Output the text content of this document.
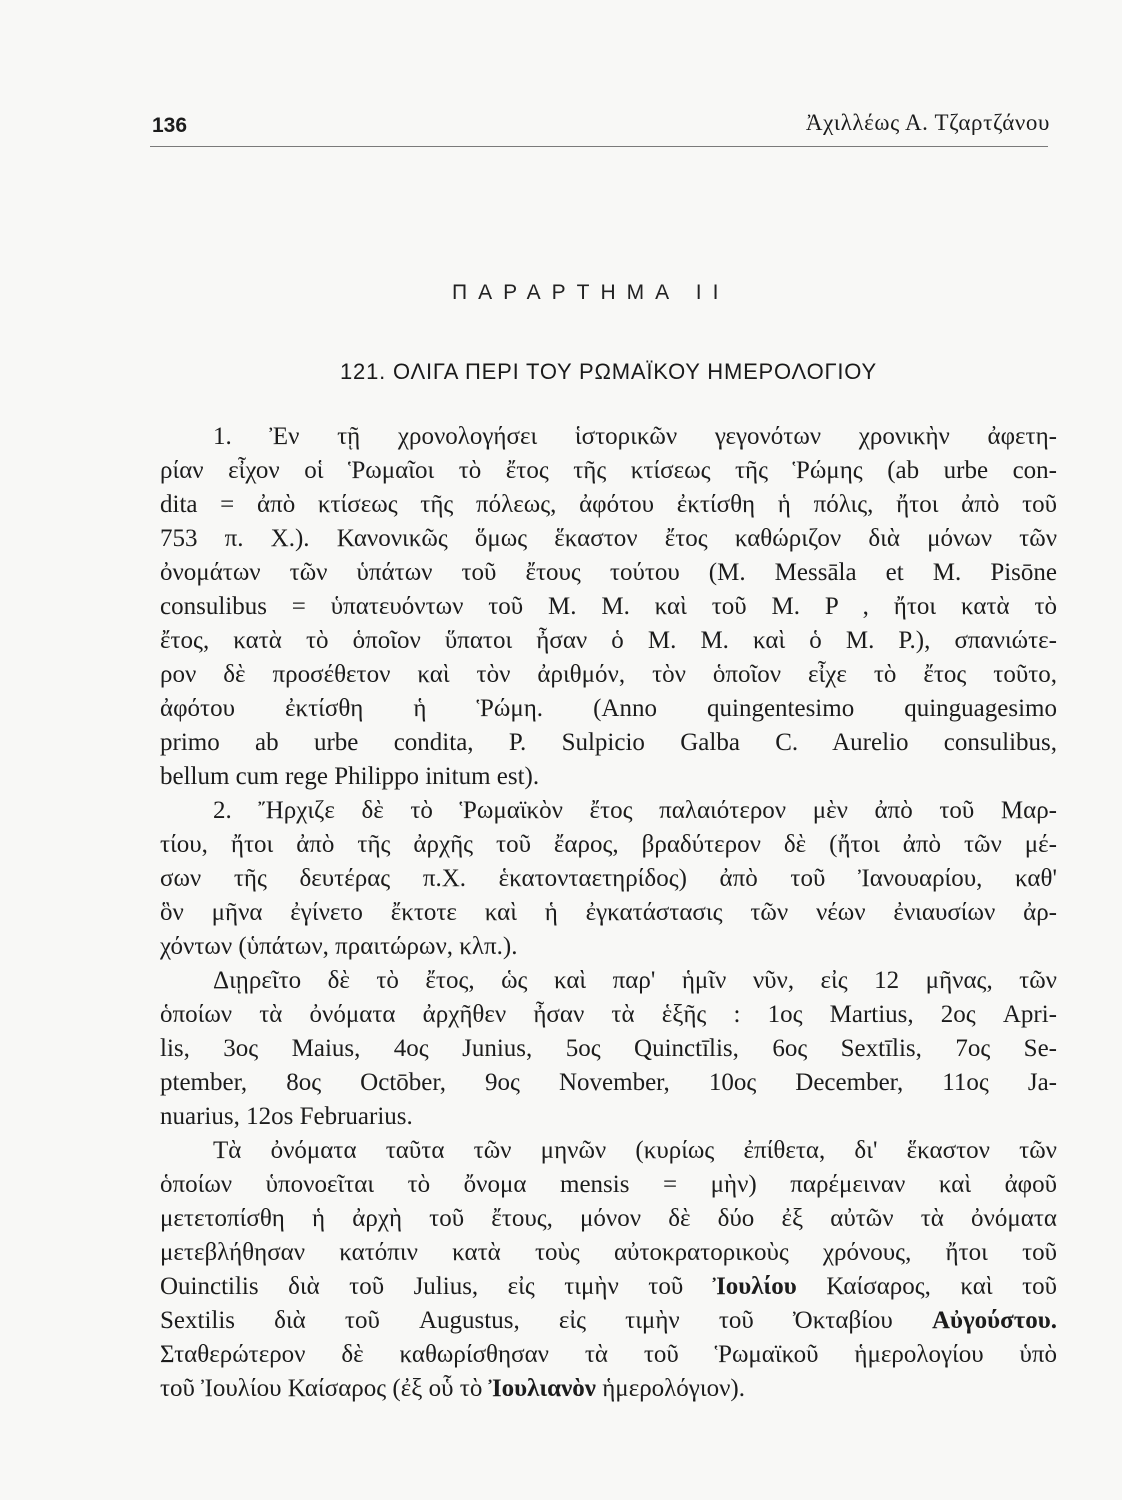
136	Ἀχιλλέως Α. Τζαρτζάνου
ΠΑΡΑΡΤΗΜΑ II
121. ΟΛΙΓΑ ΠΕΡΙ ΤΟΥ ΡΩΜΑΪΚΟΥ ΗΜΕΡΟΛΟΓΙΟΥ
1. Ἐν τῇ χρονολογήσει ἱστορικῶν γεγονότων χρονικὴν ἀφετη-
ρίαν εἶχον οἱ Ῥωμαῖοι τὸ ἔτος τῆς κτίσεως τῆς Ῥώμης (ab urbe con-
dita = ἀπὸ κτίσεως τῆς πόλεως, ἀφότου ἐκτίσθη ἡ πόλις, ἤτοι ἀπὸ τοῦ
753 π. Χ.). Κανονικῶς ὅμως ἕκαστον ἔτος καθώριζον διὰ μόνων τῶν
ὀνομάτων τῶν ὑπάτων τοῦ ἔτους τούτου (M. Messāla et M. Pisōne
consulibus = ὑπατευόντων τοῦ M. M. καὶ τοῦ M. P , ἤτοι κατὰ τὸ
ἔτος, κατὰ τὸ ὁποῖον ὕπατοι ἦσαν ὁ M. M. καὶ ὁ M. P.), σπανιώτε-
ρον δὲ προσέθετον καὶ τὸν ἀριθμόν, τὸν ὁποῖον εἶχε τὸ ἔτος τοῦτο,
ἀφότου ἐκτίσθη ἡ Ῥώμη. (Anno quingentesimo quinguagesimo
primo ab urbe condita, P. Sulpicio Galba C. Aurelio consulibus,
bellum cum rege Philippo initum est).
2. Ἤρχιζε δὲ τὸ Ῥωμαϊκὸν ἔτος παλαιότερον μὲν ἀπὸ τοῦ Μαρ-
τίου, ἤτοι ἀπὸ τῆς ἀρχῆς τοῦ ἔαρος, βραδύτερον δὲ (ἤτοι ἀπὸ τῶν μέ-
σων τῆς δευτέρας π.Χ. ἑκατονταετηρίδος) ἀπὸ τοῦ Ἰανουαρίου, καθ'
ὃν μῆνα ἐγίνετο ἔκτοτε καὶ ἡ ἐγκατάστασις τῶν νέων ἐνιαυσίων ἀρ-
χόντων (ὑπάτων, πραιτώρων, κλπ.).
Διῃρεῖτο δὲ τὸ ἔτος, ὡς καὶ παρ' ἡμῖν νῦν, εἰς 12 μῆνας, τῶν
ὁποίων τὰ ὀνόματα ἀρχῆθεν ἦσαν τὰ ἑξῆς : 1ος Martius, 2ος Apri-
lis, 3ος Maius, 4ος Junius, 5ος Quinctīlis, 6ος Sextīlis, 7ος Se-
ptember, 8ος Octōber, 9ος November, 10ος December, 11ος Ja-
nuarius, 12os Februarius.
Τὰ ὀνόματα ταῦτα τῶν μηνῶν (κυρίως ἐπίθετα, δι' ἕκαστον τῶν
ὁποίων ὑπονοεῖται τὸ ὄνομα mensis = μὴν) παρέμειναν καὶ ἀφοῦ
μετετοπίσθη ἡ ἀρχὴ τοῦ ἔτους, μόνον δὲ δύο ἐξ αὐτῶν τὰ ὀνόματα
μετεβλήθησαν κατόπιν κατὰ τοὺς αὐτοκρατορικοὺς χρόνους, ἤτοι τοῦ
Ouinctilis διὰ τοῦ Julius, εἰς τιμὴν τοῦ Ἰουλίου Καίσαρος, καὶ τοῦ
Sextilis διὰ τοῦ Augustus, εἰς τιμὴν τοῦ Ὀκταβίου Αὐγούστου.
Σταθερώτερον δὲ καθωρίσθησαν τὰ τοῦ Ῥωμαϊκοῦ ἡμερολογίου ὑπὸ
τοῦ Ἰουλίου Καίσαρος (ἐξ οὗ τὸ Ἰουλιανὸν ἡμερολόγιον).
